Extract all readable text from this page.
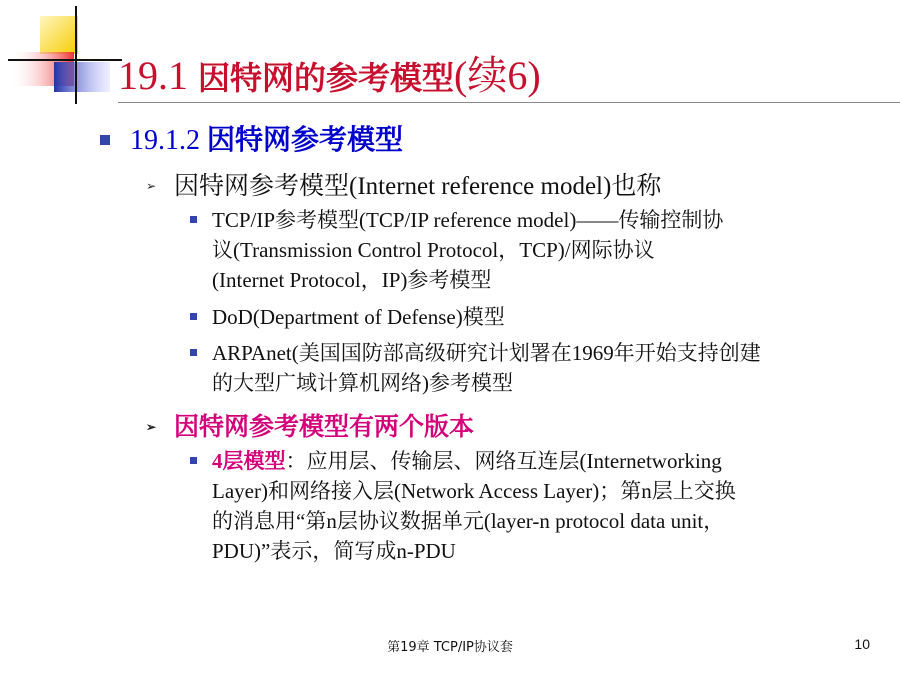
19.1 因特网的参考模型(续6)
19.1.2 因特网参考模型
➢ 因特网参考模型(Internet reference model)也称
TCP/IP参考模型(TCP/IP reference model)——传输控制协
议(Transmission Control Protocol，TCP)/网际协议
(Internet Protocol，IP)参考模型
DoD(Department of Defense)模型
ARPAnet(美国国防部高级研究计划署在1969年开始支持创建
的大型广域计算机网络)参考模型
➢ 因特网参考模型有两个版本
4层模型：应用层、传输层、网络互连层(Internetworking
Layer)和网络接入层(Network Access Layer)；第n层上交换
的消息用“第n层协议数据单元(layer-n protocol data unit，
PDU)”表示，简写成n-PDU
第19章 TCP/IP协议套	10
